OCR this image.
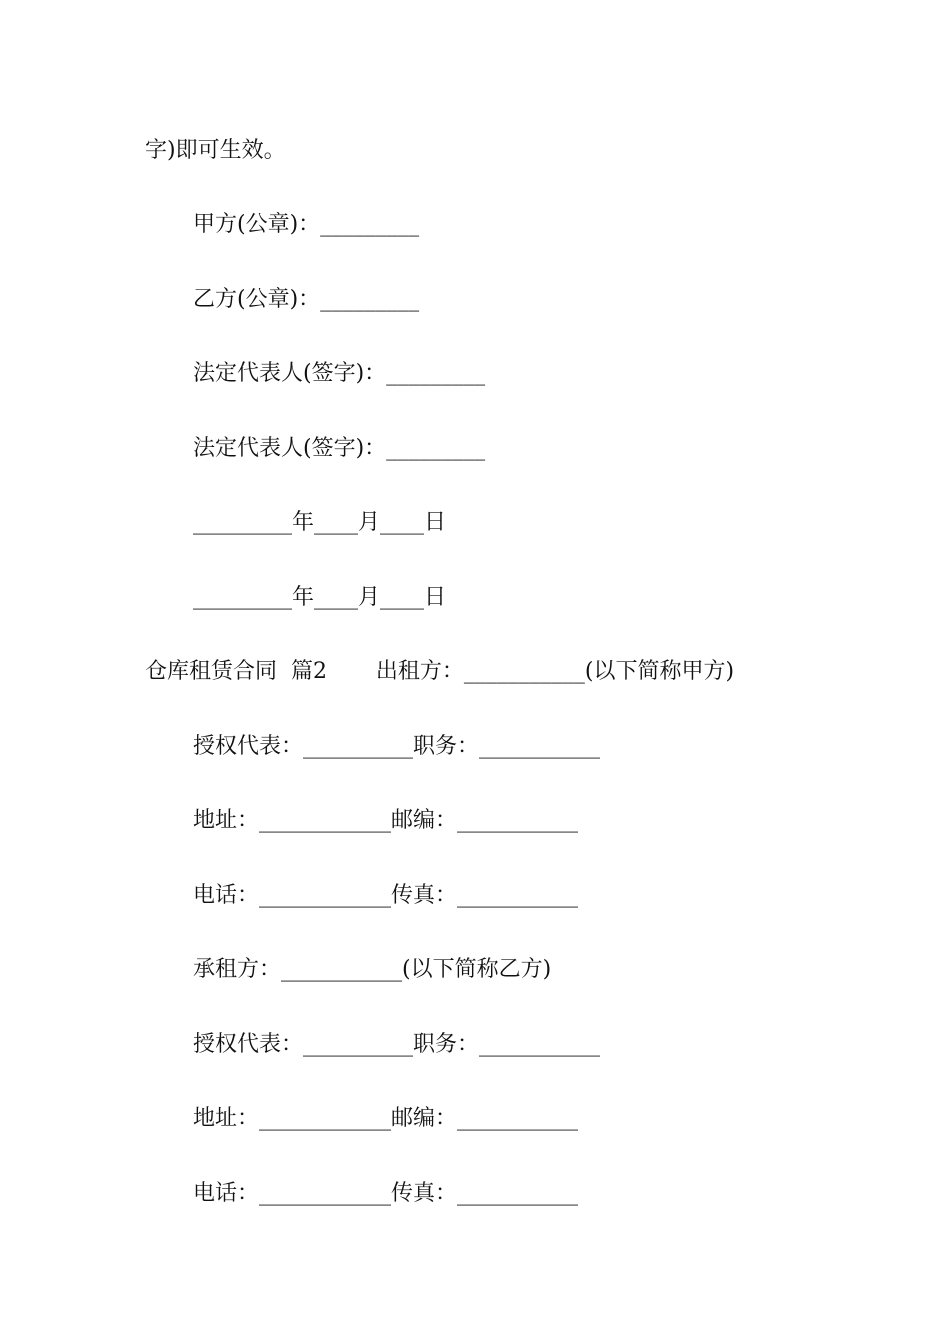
字)即可生效。
甲方(公章)：_________
乙方(公章)：_________
法定代表人(签字)：_________
法定代表人(签字)：_________
_________年____月____日
_________年____月____日
仓库租赁合同  篇2       出租方：___________(以下简称甲方)
授权代表：__________职务：___________
地址：____________邮编：___________
电话：____________传真：___________
承租方：___________(以下简称乙方)
授权代表：__________职务：___________
地址：____________邮编：___________
电话：____________传真：___________
